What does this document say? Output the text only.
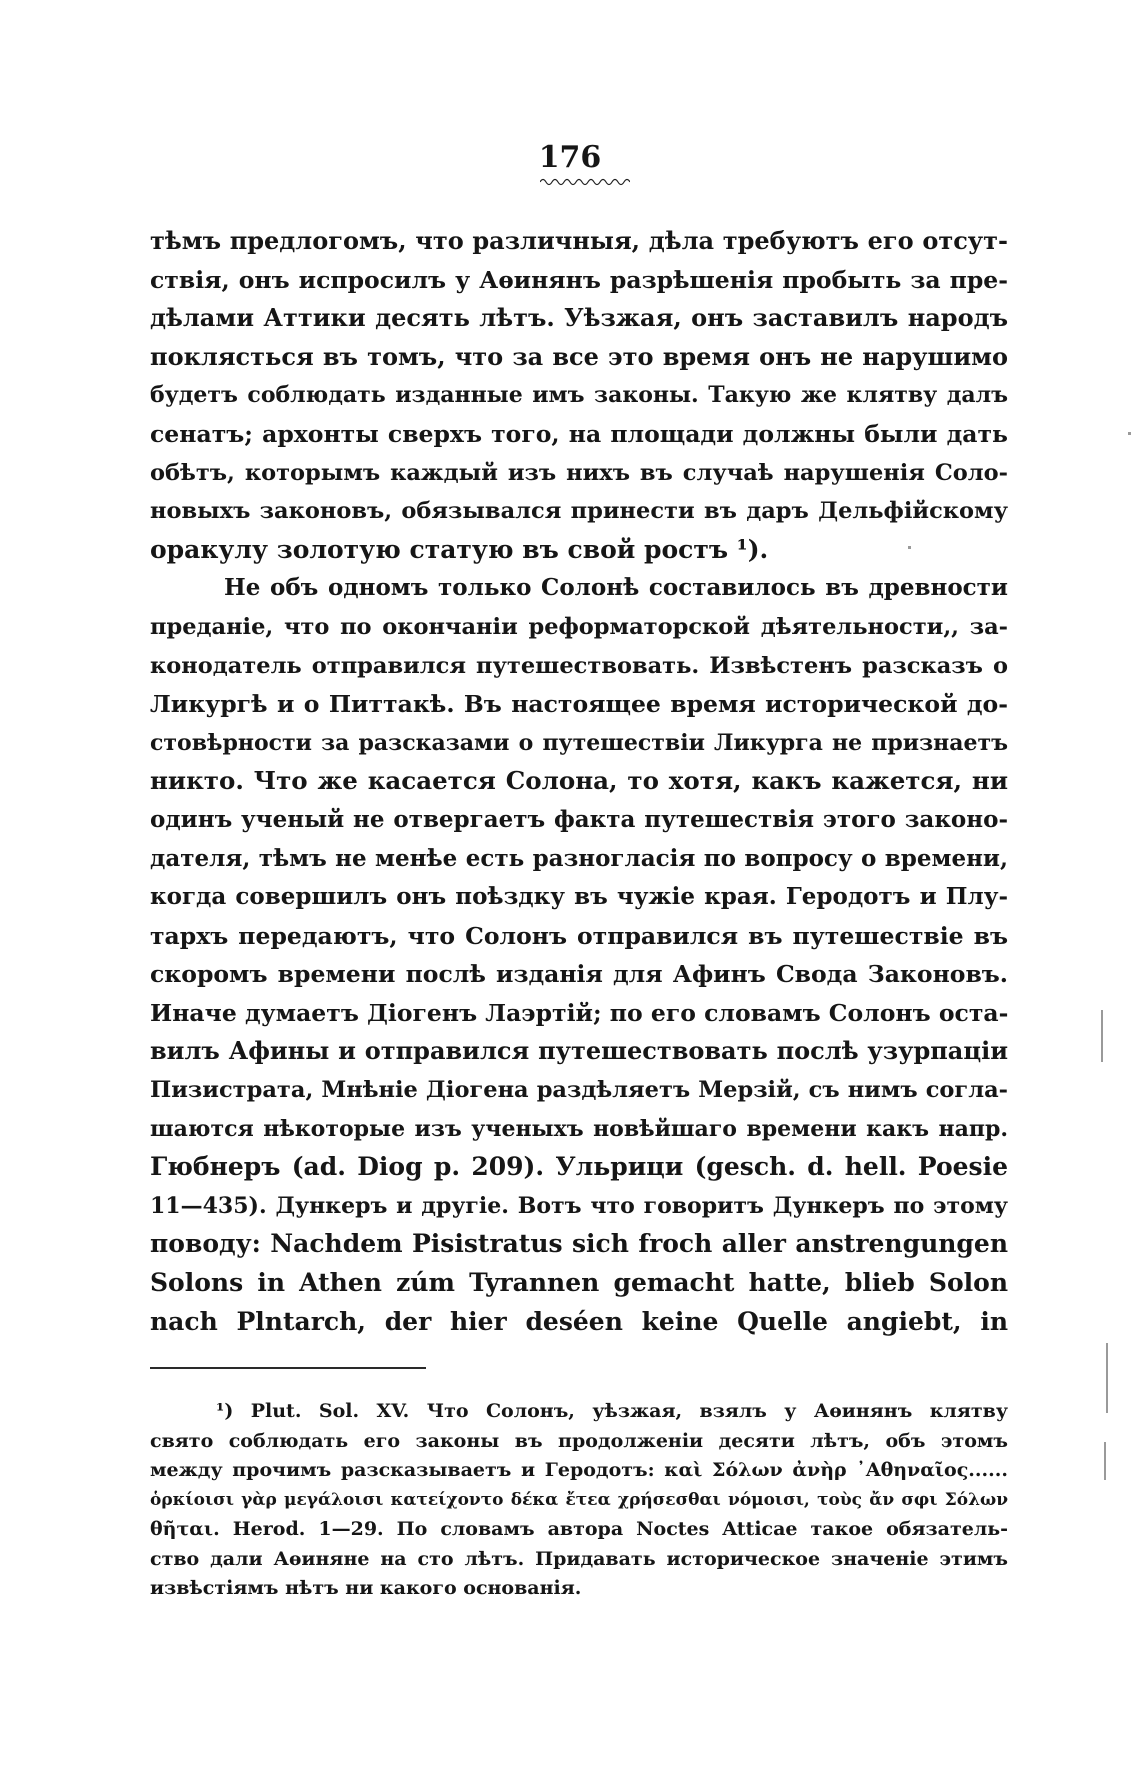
176
тѣмъ предлогомъ, что различныя, дѣла требуютъ его отсут-
ствія, онъ испросилъ у Аѳинянъ разрѣшенія пробыть за пре-
дѣлами Аттики десять лѣтъ. Уѣзжая, онъ заставилъ народъ
поклясться въ томъ, что за все это время онъ не нарушимо
будетъ соблюдать изданные имъ законы. Такую же клятву далъ
сенатъ; архонты сверхъ того, на площади должны были дать
обѣтъ, которымъ каждый изъ нихъ въ случаѣ нарушенія Соло-
новыхъ законовъ, обязывался принести въ даръ Дельфійскому
оракулу золотую статую въ свой ростъ ¹).
Не объ одномъ только Солонѣ составилось въ древности
преданіе, что по окончаніи реформаторской дѣятельности,, за-
конодатель отправился путешествовать. Извѣстенъ разсказъ о
Ликургѣ и о Питтакѣ. Въ настоящее время исторической до-
стовѣрности за разсказами о путешествіи Ликурга не признаетъ
никто. Что же касается Солона, то хотя, какъ кажется, ни
одинъ ученый не отвергаетъ факта путешествія этого законо-
дателя, тѣмъ не менѣе есть разногласія по вопросу о времени,
когда совершилъ онъ поѣздку въ чужіе края. Геродотъ и Плу-
тархъ передаютъ, что Солонъ отправился въ путешествіе въ
скоромъ времени послѣ изданія для Афинъ Свода Законовъ.
Иначе думаетъ Діогенъ Лаэртій; по его словамъ Солонъ оста-
вилъ Афины и отправился путешествовать послѣ узурпаціи
Пизистрата, Мнѣніе Діогена раздѣляетъ Мерзій, съ нимъ согла-
шаются нѣкоторые изъ ученыхъ новѣйшаго времени какъ напр.
Гюбнеръ (ad. Diog p. 209). Ульрици (gesch. d. hell. Poesie
11—435). Дункеръ и другіе. Вотъ что говоритъ Дункеръ по этому
поводу: Nachdem Pisistratus sich froch aller anstrengungen
Solons in Athen zúm Tyrannen gemacht hatte, blieb Solon
nach Plntarch, der hier deséen keine Quelle angiebt, in
¹) Plut. Sol. XV. Что Солонъ, уѣзжая, взялъ у Аѳинянъ клятву
свято соблюдать его законы въ продолженіи десяти лѣтъ, объ этомъ
между прочимъ разсказываетъ и Геродотъ: καὶ Σόλων ἀνὴρ ᾿Αθηναῖος......
ὁρκίοισι γὰρ μεγάλοισι κατείχοντο δέκα ἔτεα χρήσεσθαι νόμοισι, τοὺς ἄν σφι Σόλων
θῆται. Herod. 1—29. По словамъ автора Noctes Atticae такое обязатель-
ство дали Аѳиняне на сто лѣтъ. Придавать историческое значеніе этимъ
извѣстіямъ нѣтъ ни какого основанія.
